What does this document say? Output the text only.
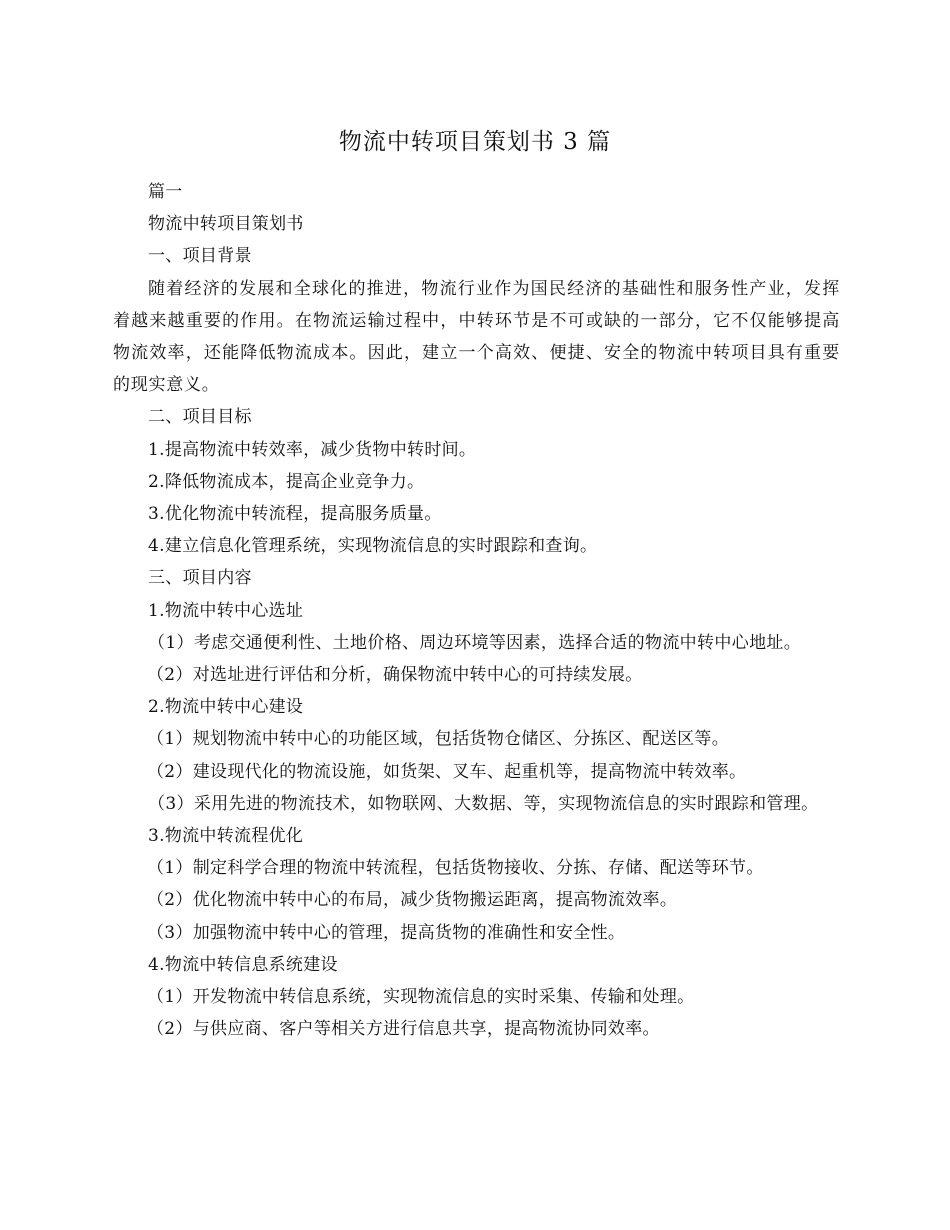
物流中转项目策划书 3 篇
篇一
物流中转项目策划书
一、项目背景
随着经济的发展和全球化的推进，物流行业作为国民经济的基础性和服务性产业，发挥着越来越重要的作用。在物流运输过程中，中转环节是不可或缺的一部分，它不仅能够提高物流效率，还能降低物流成本。因此，建立一个高效、便捷、安全的物流中转项目具有重要的现实意义。
二、项目目标
1.提高物流中转效率，减少货物中转时间。
2.降低物流成本，提高企业竞争力。
3.优化物流中转流程，提高服务质量。
4.建立信息化管理系统，实现物流信息的实时跟踪和查询。
三、项目内容
1.物流中转中心选址
（1）考虑交通便利性、土地价格、周边环境等因素，选择合适的物流中转中心地址。
（2）对选址进行评估和分析，确保物流中转中心的可持续发展。
2.物流中转中心建设
（1）规划物流中转中心的功能区域，包括货物仓储区、分拣区、配送区等。
（2）建设现代化的物流设施，如货架、叉车、起重机等，提高物流中转效率。
（3）采用先进的物流技术，如物联网、大数据、等，实现物流信息的实时跟踪和管理。
3.物流中转流程优化
（1）制定科学合理的物流中转流程，包括货物接收、分拣、存储、配送等环节。
（2）优化物流中转中心的布局，减少货物搬运距离，提高物流效率。
（3）加强物流中转中心的管理，提高货物的准确性和安全性。
4.物流中转信息系统建设
（1）开发物流中转信息系统，实现物流信息的实时采集、传输和处理。
（2）与供应商、客户等相关方进行信息共享，提高物流协同效率。
